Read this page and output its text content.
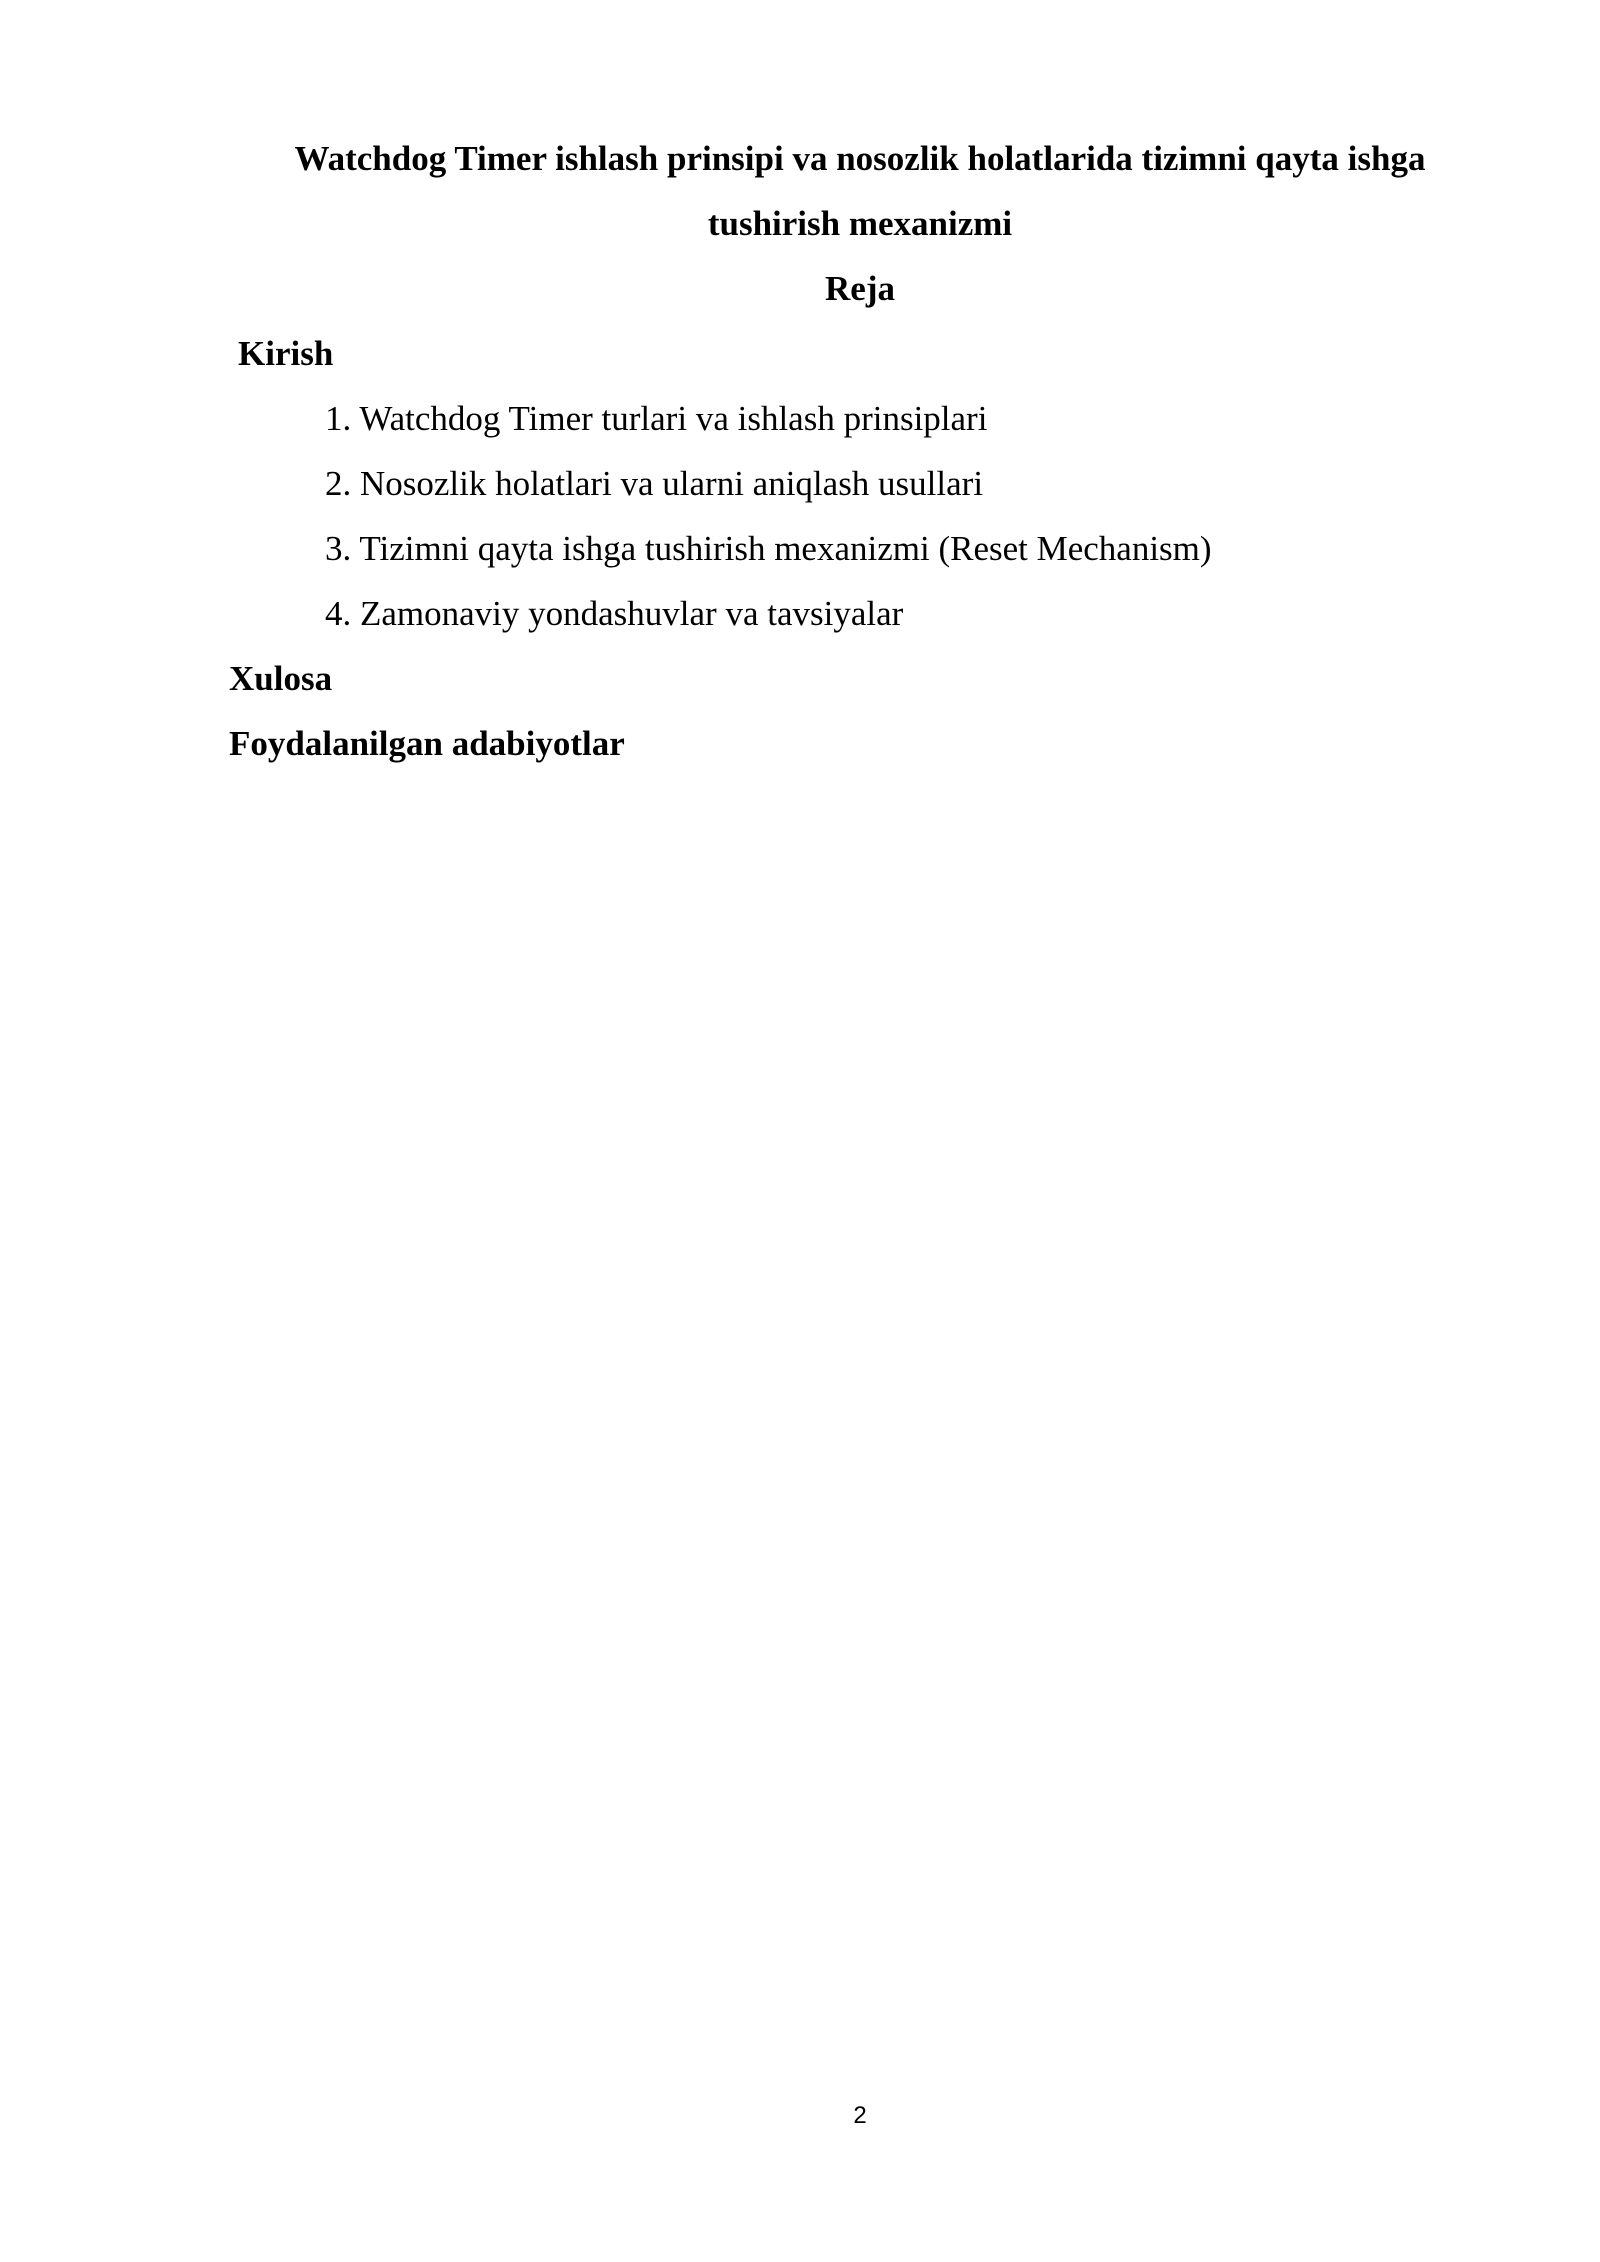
Watchdog Timer ishlash prinsipi va nosozlik holatlarida tizimni qayta ishga
tushirish mexanizmi
Reja
Kirish
1. Watchdog Timer turlari va ishlash prinsiplari
2. Nosozlik holatlari va ularni aniqlash usullari
3. Tizimni qayta ishga tushirish mexanizmi (Reset Mechanism)
4. Zamonaviy yondashuvlar va tavsiyalar
Xulosa
Foydalanilgan adabiyotlar
2
